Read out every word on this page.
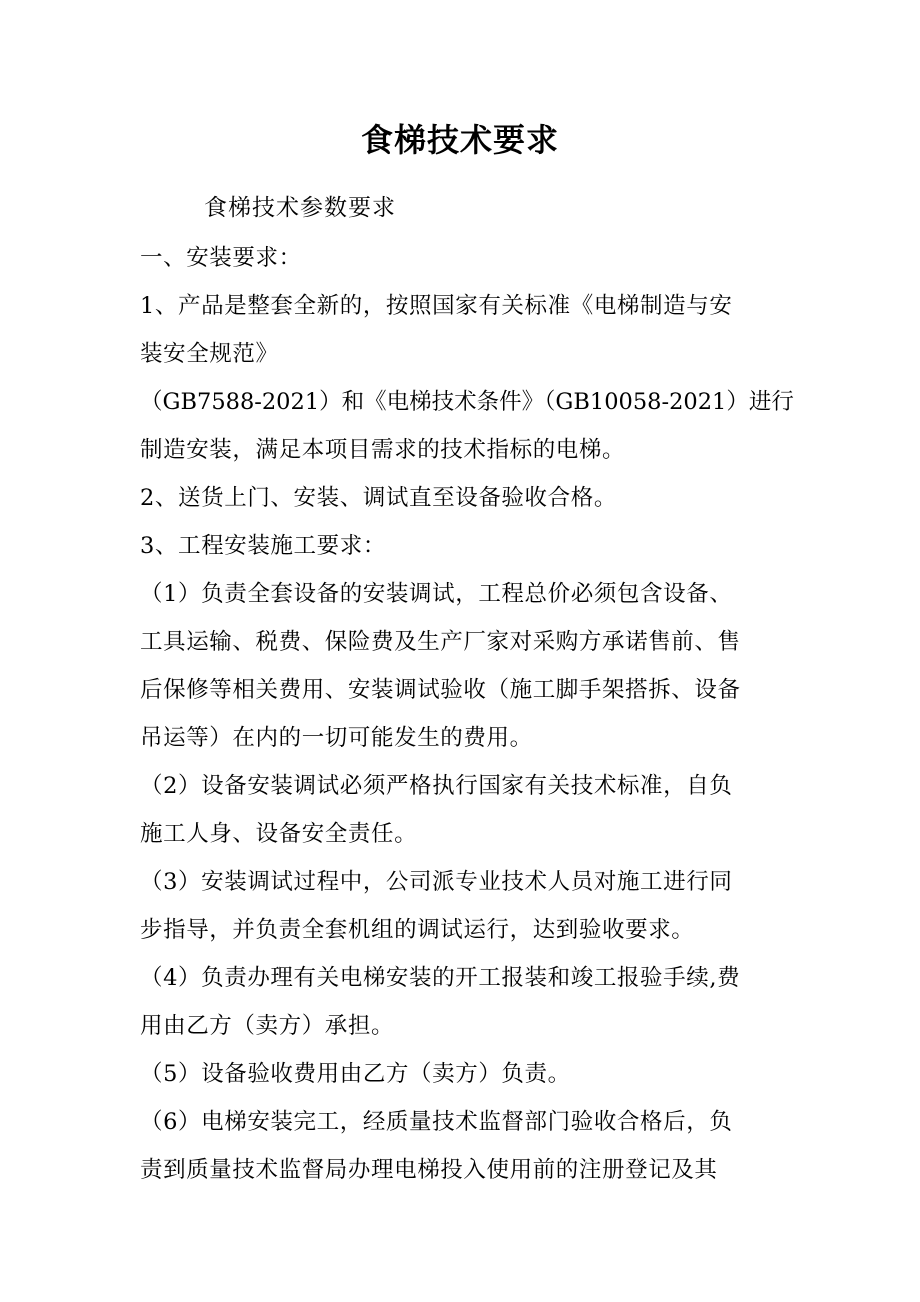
食梯技术要求
食梯技术参数要求
一、安装要求：
1、产品是整套全新的，按照国家有关标准《电梯制造与安
装安全规范》
（GB7588-2021）和《电梯技术条件》（GB10058-2021）进行
制造安装，满足本项目需求的技术指标的电梯。
2、送货上门、安装、调试直至设备验收合格。
3、工程安装施工要求：
（1）负责全套设备的安装调试，工程总价必须包含设备、
工具运输、税费、保险费及生产厂家对采购方承诺售前、售
后保修等相关费用、安装调试验收（施工脚手架搭拆、设备
吊运等）在内的一切可能发生的费用。
（2）设备安装调试必须严格执行国家有关技术标准，自负
施工人身、设备安全责任。
（3）安装调试过程中，公司派专业技术人员对施工进行同
步指导，并负责全套机组的调试运行，达到验收要求。
（4）负责办理有关电梯安装的开工报装和竣工报验手续,费
用由乙方（卖方）承担。
（5）设备验收费用由乙方（卖方）负责。
（6）电梯安装完工，经质量技术监督部门验收合格后，负
责到质量技术监督局办理电梯投入使用前的注册登记及其
